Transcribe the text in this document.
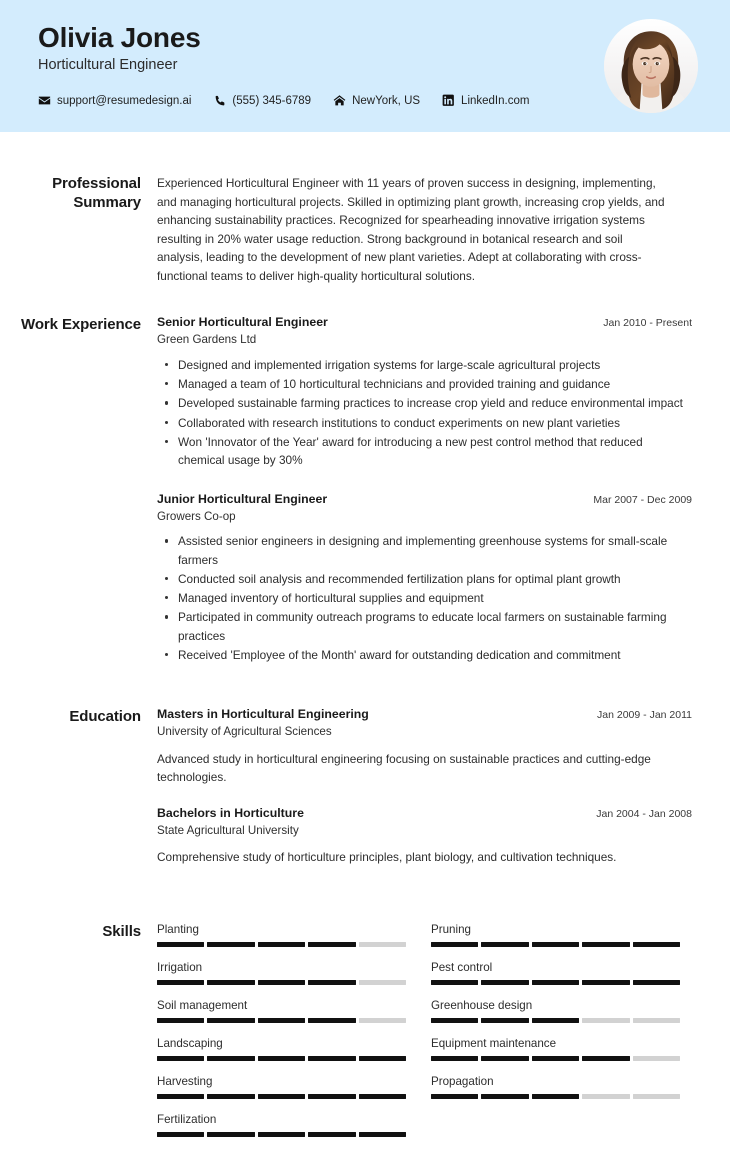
Olivia Jones

Horticultural Engineer

support@resumedesign.ai	(555) 345-6789	NewYork, US	LinkedIn.com
Professional Summary

Experienced Horticultural Engineer with 11 years of proven success in designing, implementing, and managing horticultural projects. Skilled in optimizing plant growth, increasing crop yields, and enhancing sustainability practices. Recognized for spearheading innovative irrigation systems resulting in 20% water usage reduction. Strong background in botanical research and soil analysis, leading to the development of new plant varieties. Adept at collaborating with cross-functional teams to deliver high-quality horticultural solutions.

Work Experience	Senior Horticultural Engineer	Jan 2010 - Present
Green Gardens Ltd
Designed and implemented irrigation systems for large-scale agricultural projects
Managed a team of 10 horticultural technicians and provided training and guidance
Developed sustainable farming practices to increase crop yield and reduce environmental impact
Collaborated with research institutions to conduct experiments on new plant varieties
Won 'Innovator of the Year' award for introducing a new pest control method that reduced chemical usage by 30%
Junior Horticultural Engineer	Mar 2007 - Dec 2009
Growers Co-op
Assisted senior engineers in designing and implementing greenhouse systems for small-scale farmers
Conducted soil analysis and recommended fertilization plans for optimal plant growth
Managed inventory of horticultural supplies and equipment
Participated in community outreach programs to educate local farmers on sustainable farming practices
Received 'Employee of the Month' award for outstanding dedication and commitment
Education	Masters in Horticultural Engineering	Jan 2009 - Jan 2011
University of Agricultural Sciences

Advanced study in horticultural engineering focusing on sustainable practices and cutting-edge technologies.

Bachelors in Horticulture	Jan 2004 - Jan 2008
State Agricultural University

Comprehensive study of horticulture principles, plant biology, and cultivation techniques.

Skills	Planting	Pruning
Irrigation	Pest control
Soil management	Greenhouse design
Landscaping	Equipment maintenance
Harvesting	Propagation
Fertilization
